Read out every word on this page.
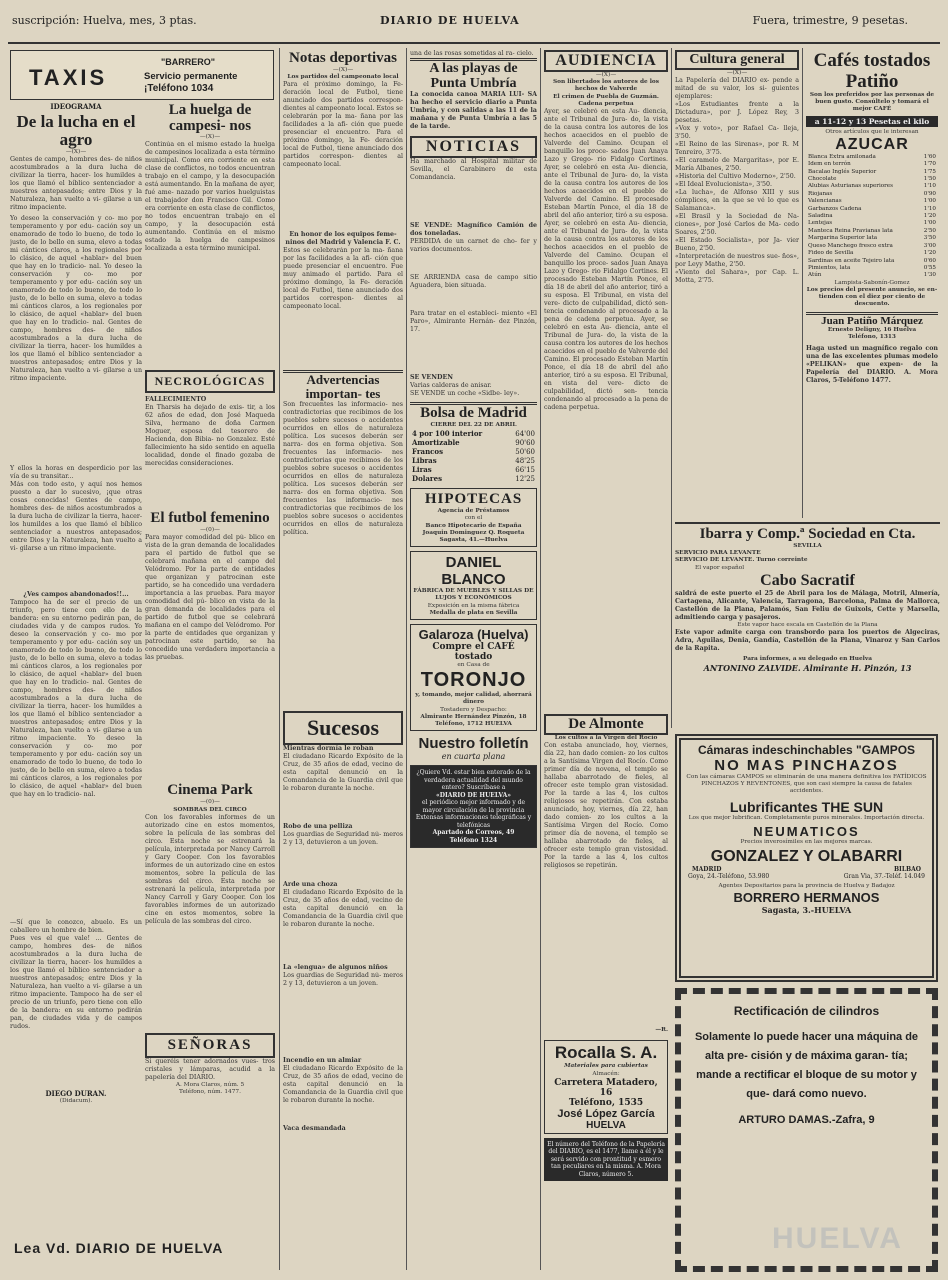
suscripción: Huelva, mes, 3 ptas.	DIARIO DE HUELVA	Fuera, trimestre, 9 pesetas.
TAXIS
"BARRERO"
Servicio permanente
¡Teléfono 1034
IDEOGRAMA
De la lucha en el agro
—(X)—
Gentes de campo, hombres des- de niños acostumbrados a la dura lucha de civilizar la tierra, hacer- los humildes a los que llamó el bíblico sentenciador a nuestros antepasados; entre Dios y la Naturaleza, han vuelto a vi- gilarse a un ritmo impaciente.
Yo deseo la conservación y co- mo por temperamento y por edu- cación soy un enamorado de todo lo bueno, de todo lo justo, de lo bello en suma, elevo a todas mi cánticos claros, a los regionales por lo clásico, de aquel «hablar» del buen que hay en lo tradicio- nal. Yo deseo la conservación y co- mo por temperamento y por edu- cación soy un enamorado de todo lo bueno, de todo lo justo, de lo bello en suma, elevo a todas mi cánticos claros, a los regionales por lo clásico, de aquel «hablar» del buen que hay en lo tradicio- nal. Gentes de campo, hombres des- de niños acostumbrados a la dura lucha de civilizar la tierra, hacer- los humildes a los que llamó el bíblico sentenciador a nuestros antepasados; entre Dios y la Naturaleza, han vuelto a vi- gilarse a un ritmo impaciente.
Y ellos la horas en desperdicio por las vía de su transitar...
Más con todo esto, y aquí nos hemos puesto a dar lo sucesivo, ¡que otras cosas conocidas! Gentes de campo, hombres des- de niños acostumbrados a la dura lucha de civilizar la tierra, hacer- los humildes a los que llamó el bíblico sentenciador a nuestros antepasados; entre Dios y la Naturaleza, han vuelto a vi- gilarse a un ritmo impaciente.
¿Ves campos abandonados!!...
Tampoco ha de ser el precio de un triunfo, pero tiene con ello de la bandera: en su entorno pedirán pan, de ciudades vida y de campos rudos. Yo deseo la conservación y co- mo por temperamento y por edu- cación soy un enamorado de todo lo bueno, de todo lo justo, de lo bello en suma, elevo a todas mi cánticos claros, a los regionales por lo clásico, de aquel «hablar» del buen que hay en lo tradicio- nal. Gentes de campo, hombres des- de niños acostumbrados a la dura lucha de civilizar la tierra, hacer- los humildes a los que llamó el bíblico sentenciador a nuestros antepasados; entre Dios y la Naturaleza, han vuelto a vi- gilarse a un ritmo impaciente. Yo deseo la conservación y co- mo por temperamento y por edu- cación soy un enamorado de todo lo bueno, de todo lo justo, de lo bello en suma, elevo a todas mi cánticos claros, a los regionales por lo clásico, de aquel «hablar» del buen que hay en lo tradicio- nal.
—Sí que le conozco, abuelo. Es un caballero un hombre de bien.
Pues ves el que vale! ... Gentes de campo, hombres des- de niños acostumbrados a la dura lucha de civilizar la tierra, hacer- los humildes a los que llamó el bíblico sentenciador a nuestros antepasados; entre Dios y la Naturaleza, han vuelto a vi- gilarse a un ritmo impaciente. Tampoco ha de ser el precio de un triunfo, pero tiene con ello de la bandera: en su entorno pedirán pan, de ciudades vida y de campos rudos.
DIEGO DURAN.
(Didacum).
La huelga de campesi- nos
—(X)—
Continúa en el mismo estado la huelga de campesinos localizada a esta término municipal. Como era corriente en esta clase de conflictos, no todos encuentran trabajo en el campo, y la desocupación está aumentando. En la mañana de ayer, fué ame- nazado por varios huelguistas el trabajador don Francisco Gil. Como era corriente en esta clase de conflictos, no todos encuentran trabajo en el campo, y la desocupación está aumentando. Continúa en el mismo estado la huelga de campesinos localizada a esta término municipal.
NECROLÓGICAS
FALLECIMIENTO
En Tharsis ha dejado de exis- tir, a los 62 años de edad, don José Maqueda Silva, hermano de doña Carmen Moguer, esposa del tesorero de Hacienda, don Bibia- no Gonzalez. Esté fallecimiento ha sido sentido en aquella localidad, donde el finado gozaba de merecidas consideraciones.
El futbol femenino
—(0)—
Para mayor comodidad del pú- blico en vista de la gran demanda de localidades para el partido de futbol que se celebrará mañana en el campo del Velódromo. Por la parte de entidades que organizan y patrocinan este partido, se ha concedido una verdadera importancia a las pruebas. Para mayor comodidad del pú- blico en vista de la gran demanda de localidades para el partido de futbol que se celebrará mañana en el campo del Velódromo. Por la parte de entidades que organizan y patrocinan este partido, se ha concedido una verdadera importancia a las pruebas.
Cinema Park
—(0)—
SOMBRAS DEL CIRCO
Con los favorables informes de un autorizado cine en estos momentos, sobre la película de las sombras del circo. Esta noche se estrenará la película, interpretada por Nancy Carroll y Gary Cooper. Con los favorables informes de un autorizado cine en estos momentos, sobre la película de las sombras del circo. Esta noche se estrenará la película, interpretada por Nancy Carroll y Gary Cooper. Con los favorables informes de un autorizado cine en estos momentos, sobre la película de las sombras del circo.
SEÑORAS
Si queréis tener adornados vues- tros cristales y lámparas, acudid a la papelería del DIARIO.
A. Mora Claros, núm. 5
Teléfono, núm. 1477.
Lea Vd. DIARIO DE HUELVA
Notas deportivas
—(X)—
Los partidos del campeonato local
Para el próximo domingo, la Fe- deración local de Futbol, tiene anunciado dos partidos correspon- dientes al campeonato local. Estos se celebrarán por la ma- ñana por las facilidades a la afi- ción que puede presenciar el encuentro. Para el próximo domingo, la Fe- deración local de Futbol, tiene anunciado dos partidos correspon- dientes al campeonato local.
En honor de los equipos feme- ninos del Madrid y Valencia F. C.
Estos se celebrarán por la ma- ñana por las facilidades a la afi- ción que puede presenciar el encuentro. Fue muy animado el partido. Para el próximo domingo, la Fe- deración local de Futbol, tiene anunciado dos partidos correspon- dientes al campeonato local.
Advertencias importan- tes
Son frecuentes las informacio- nes contradictorias que recibimos de los pueblos sobre sucesos o accidentes ocurridos en ellos de naturaleza política. Los sucesos deberán ser narra- dos en forma objetiva. Son frecuentes las informacio- nes contradictorias que recibimos de los pueblos sobre sucesos o accidentes ocurridos en ellos de naturaleza política. Los sucesos deberán ser narra- dos en forma objetiva. Son frecuentes las informacio- nes contradictorias que recibimos de los pueblos sobre sucesos o accidentes ocurridos en ellos de naturaleza política.
Sucesos
Mientras dormía le roban
El ciudadano Ricardo Expósito de la Cruz, de 35 años de edad, vecino de esta capital denunció en la Comandancia de la Guardia civil que le robaron durante la noche.
Robo de una pelliza
Los guardias de Seguridad nú- meros 2 y 13, detuvieron a un joven.
Arde una choza
El ciudadano Ricardo Expósito de la Cruz, de 35 años de edad, vecino de esta capital denunció en la Comandancia de la Guardia civil que le robaron durante la noche.
La «lengua» de algunos niños
Los guardias de Seguridad nú- meros 2 y 13, detuvieron a un joven.
Incendio en un almiar
El ciudadano Ricardo Expósito de la Cruz, de 35 años de edad, vecino de esta capital denunció en la Comandancia de la Guardia civil que le robaron durante la noche.
Vaca desmandada
una de las rosas sometidas al ra- cielo.
A las playas de Punta Umbría
La conocida canoa MARIA LUI- SA ha hecho el servicio diario a Punta Umbría, y con salidas a las 11 de la mañana y de Punta Umbría a las 5 de la tarde.
NOTICIAS
Ha marchado al Hospital militar de Sevilla, el Carabinero de esta Comandancia.
SE VENDE: Magnífico Camión de dos toneladas.
PERDIDA de un carnet de cho- fer y varios documentos.
SE ARRIENDA casa de campo sitio Aguadera, bien situada.
Para tratar en el estableci- miento «El Paro», Almirante Hernán- dez Pinzón, 17.
SE VENDEN
Varias calderas de anisar.
SE VENDE un coche «Sidbe- ley».
Bolsa de Madrid
CIERRE DEL 22 DE ABRIL
4 por 100 interior	64'00
Amortizable	90'60
Francos	50'60
Libras	48'25
Liras	66'15
Dolares	12'25
HIPOTECAS
Agencia de Préstamos
con el
Banco Hipotecario de España
Joaquin Dominguez Q. Roqueta
Sagasta, 41.—Huelva
DANIEL BLANCO
FÁBRICA DE MUEBLES Y SILLAS DE LUJOS Y ECONÓMICOS
Exposición en la misma fábrica
Medalla de plata en Sevilla
Galaroza (Huelva)
Compre el CAFÉ tostado
en Casa de
TORONJO
y, tomando, mejor calidad, ahorrará dinero
Tostadero y Despacho:
Almirante Hernández Pinzón, 18
Teléfono, 1712 HUELVA
Nuestro folletín
en cuarta plana
¿Quiere Vd. estar bien enterado de la verdadera actualidad del mundo entero? Suscríbase a
«DIARIO DE HUELVA»
el periódico mejor informado y de mayor circulación de la provincia
Extensas informaciones telegráficas y telefónicas
Apartado de Correos, 49
Teléfono 1324
AUDIENCIA
—(X)—
Son libertados los autores de los hechos de Valverde
El crimen de Puebla de Guzmán. Cadena perpetua
Ayer, se celebró en esta Au- diencia, ante el Tribunal de Jura- do, la vista de la causa contra los autores de los hechos acaecidos en el pueblo de Valverde del Camino. Ocupan el banquillo los proce- sados Juan Anaya Lazo y Grego- rio Fidalgo Cortines. Ayer, se celebró en esta Au- diencia, ante el Tribunal de Jura- do, la vista de la causa contra los autores de los hechos acaecidos en el pueblo de Valverde del Camino. El procesado Esteban Martín Ponce, el día 18 de abril del año anterior, tiró a su esposa. Ayer, se celebró en esta Au- diencia, ante el Tribunal de Jura- do, la vista de la causa contra los autores de los hechos acaecidos en el pueblo de Valverde del Camino. Ocupan el banquillo los proce- sados Juan Anaya Lazo y Grego- rio Fidalgo Cortines. El procesado Esteban Martín Ponce, el día 18 de abril del año anterior, tiró a su esposa. El Tribunal, en vista del vere- dicto de culpabilidad, dictó sen- tencia condenando al procesado a la pena de cadena perpetua. Ayer, se celebró en esta Au- diencia, ante el Tribunal de Jura- do, la vista de la causa contra los autores de los hechos acaecidos en el pueblo de Valverde del Camino. El procesado Esteban Martín Ponce, el día 18 de abril del año anterior, tiró a su esposa. El Tribunal, en vista del vere- dicto de culpabilidad, dictó sen- tencia condenando al procesado a la pena de cadena perpetua.
De Almonte
Los cultos a la Virgen del Rocío
Con estaba anunciado, hoy, viernes, día 22, han dado comien- zo los cultos a la Santísima Virgen del Rocío. Como primer día de novena, el templo se hallaba abarrotado de fieles, al ofrecer este templo gran vistosidad. Por la tarde a las 4, los cultos religiosos se repetirán. Con estaba anunciado, hoy, viernes, día 22, han dado comien- zo los cultos a la Santísima Virgen del Rocío. Como primer día de novena, el templo se hallaba abarrotado de fieles, al ofrecer este templo gran vistosidad. Por la tarde a las 4, los cultos religiosos se repetirán.
—R.
Rocalla S. A.
Materiales para cubiertas
Almacén:
Carretera Matadero, 16
Teléfono, 1535
José López García
HUELVA
El número del Teléfono de la Papelería del DIARIO, es el 1477, llame a él y le será servido con prontitud y esmero tan peculiares en la misma. A. Mora Claros, número 5.
Cultura general
—(X)—
La Papelería del DIARIO ex- pende a mitad de su valor, los si- guientes ejemplares:
«Los Estudiantes frente a la Dictadura», por J. López Rey, 3 pesetas.
«Vox y voto», por Rafael Ca- lleja, 3'50.
«El Reino de las Sirenas», por R. M Tenreiro, 3'75.
«El caramelo de Margaritas», por E. María Albanes, 2'50.
«Historia del Cultivo Moderno», 2'50.
«El Ideal Evolucionista», 3'50.
«La lucha», de Alfonso XIII y sus cómplices, en la que se vé lo que es Salamanca».
«El Brasil y la Sociedad de Na- ciones», por José Carlos de Ma- cedo Soares, 2'50.
«El Estado Socialista», por Ja- vier Bueno, 2'50.
«Interpretación de nuestros sue- ños», por Leyy Mathe, 2'50.
«Viento del Sahara», por Cap. L. Motta, 2'75.
Cafés tostados Patiño
Son los preferidos por las personas de buen gusto. Consúltelo y tomará el mejor CAFÉ
a 11-12 y 13 Pesetas el kilo
Otros artículos que le interesan
AZUCAR
Blanca Extra amilonada	1'60
Idem en terrón	1'70
Bacalao Inglés Superior	1'75
Chocolate	1'50
Alubias Asturianas superiores	1'10
Riojanas	0'90
Valencianas	1'00
Garbanzos Cadena	1'10
Saladina	1'20
Lentejas	1'00
Manteca Reina Pravianas lata	2'50
Margarina Superior lata	3'50
Queso Manchego fresco extra	3'00
Fideo de Sevilla	1'20
Sardinas en aceite Tejeiro lata	0'60
Pimientos, lata	0'55
Atún	1'30
Lampista-Sabonín-Gomez
Los precios del presente anuncio, se en- tienden con el diez por ciento de descuento.
Juan Patiño Márquez
Ernesto Deligny, 16 Huelva
Teléfono, 1313
Haga usted un magnífico regalo con una de las excelentes plumas modelo «PELIKAN» que expen- de la Papelería del DIARIO. A. Mora Claros, 5-Teléfono 1477.
Ibarra y Comp.ª Sociedad en Cta.
SEVILLA
SERVICIO PARA LEVANTE
SERVICIO DE LEVANTE. Turno correinte
El vapor español
Cabo Sacratif
saldrá de este puerto el 25 de Abril para los de Málaga, Motril, Almería, Cartagena, Alicante, Valencia, Tarragona, Barcelona, Palma de Mallorca, Castellón de la Plana, Palamós, San Feliu de Guixols, Cette y Marsella, admitiendo carga y pasajeros.
Este vapor hace escala en Castellón de la Plana
Este vapor admite carga con transbordo para los puertos de Algeciras, Adra, Aguilas, Denia, Gandía, Castellón de la Plana, Vinaroz y San Carlos de la Rapita.
Para informes, a su delegado en Huelva
ANTONINO ZALVIDE. Almirante H. Pinzón, 13
Cámaras indeschinchables "GAMPOS
NO MAS PINCHAZOS
Con las cámaras CAMPOS se eliminarán de una manera definitiva los FATÍDICOS PINCHAZOS Y REVENTONES, que son casi siempre la causa de fatales accidentes.
Lubrificantes THE SUN
Los que mejor lubrifican. Completamente puros minerales. Importación directa.
NEUMATICOS
Precios inverosímiles en las mejores marcas.
GONZALEZ Y OLABARRI
MADRID	BILBAO
Goya, 24.-Teléfono, 53.980	Gran Via, 37.-Teléf. 14.049
Agentes Depositarios para la provincia de Huelva y Badajoz
BORRERO HERMANOS
Sagasta, 3.-HUELVA
Rectificación de cilindros
Solamente lo puede hacer una máquina de alta pre- cisión y de máxima garan- tía; mande a rectificar el bloque de su motor y que- dará como nuevo.
ARTURO DAMAS.-Zafra, 9
HUELVA
